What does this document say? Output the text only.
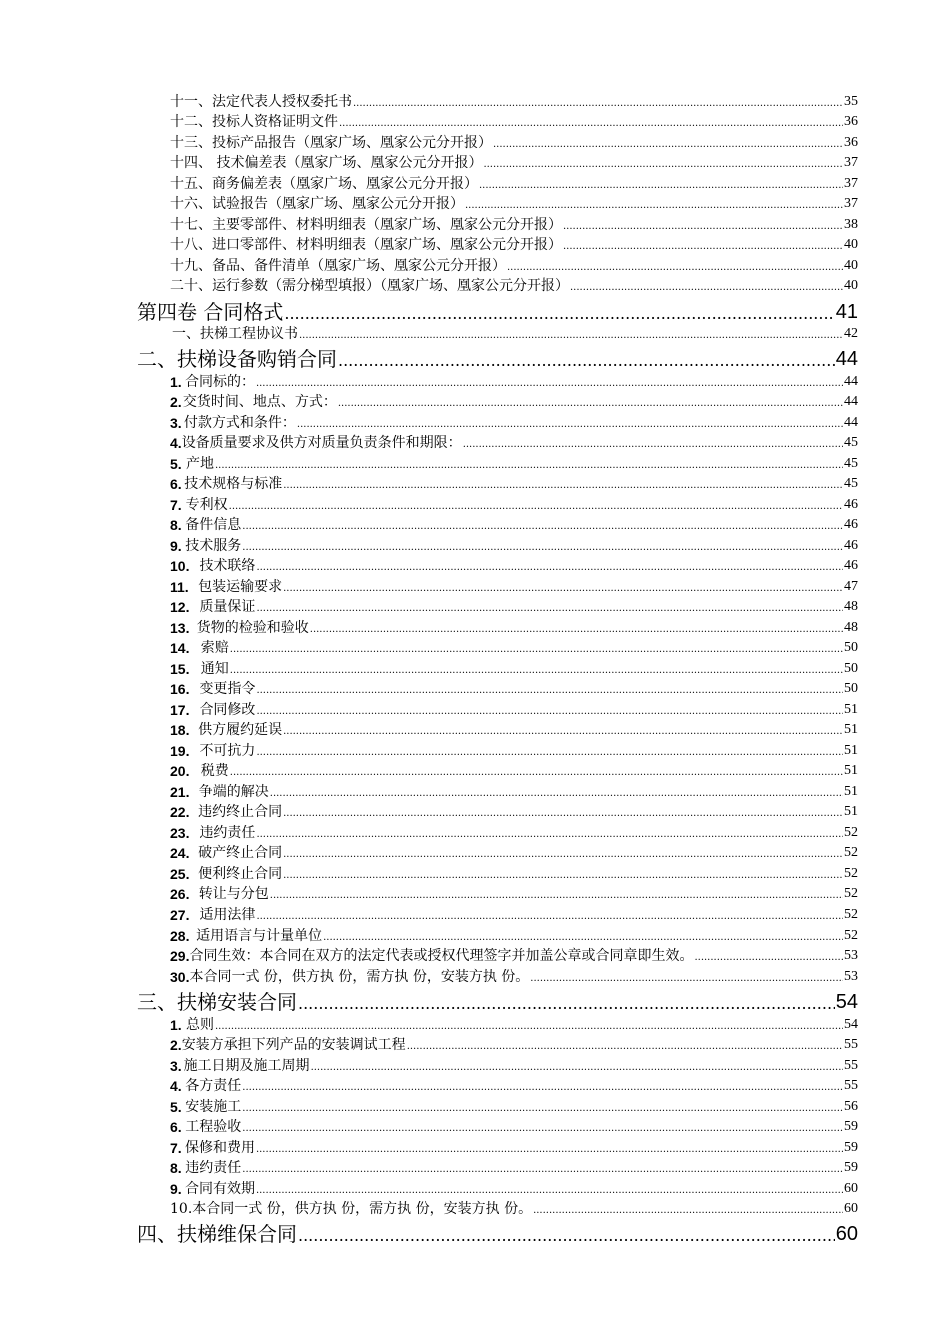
十一、法定代表人授权委托书 .....	35
十二、投标人资格证明文件 .....	36
十三、投标产品报告（凰家广场、凰家公元分开报） .....	36
十四、 技术偏差表（凰家广场、凰家公元分开报） .....	37
十五、商务偏差表（凰家广场、凰家公元分开报） .....	37
十六、试验报告（凰家广场、凰家公元分开报） .....	37
十七、主要零部件、材料明细表（凰家广场、凰家公元分开报） .....	38
十八、进口零部件、材料明细表（凰家广场、凰家公元分开报） .....	40
十九、备品、备件清单（凰家广场、凰家公元分开报） .....	40
二十、运行参数（需分梯型填报）（凰家广场、凰家公元分开报） .....	40
第四卷 合同格式 .....	41
一、扶梯工程协议书 .....	42
二、扶梯设备购销合同 .....	44
1. 合同标的： .....	44
2. 交货时间、地点、方式： .....	44
3. 付款方式和条件： .....	44
4. 设备质量要求及供方对质量负责条件和期限： .....	45
5. 产地 .....	45
6. 技术规格与标准 .....	45
7. 专利权 .....	46
8. 备件信息 .....	46
9. 技术服务 .....	46
10. 技术联络 .....	46
11. 包装运输要求 .....	47
12. 质量保证 .....	48
13. 货物的检验和验收 .....	48
14. 索赔 .....	50
15. 通知 .....	50
16. 变更指令 .....	50
17. 合同修改 .....	51
18. 供方履约延误 .....	51
19. 不可抗力 .....	51
20. 税费 .....	51
21. 争端的解决 .....	51
22. 违约终止合同 .....	51
23. 违约责任 .....	52
24. 破产终止合同 .....	52
25. 便利终止合同 .....	52
26. 转让与分包 .....	52
27. 适用法律 .....	52
28. 适用语言与计量单位 .....	52
29. 合同生效：本合同在双方的法定代表或授权代理签字并加盖公章或合同章即生效。 .....	53
30. 本合同一式 份，供方执 份，需方执 份，安装方执 份。 .....	53
三、扶梯安装合同 .....	54
1. 总则 .....	54
2. 安装方承担下列产品的安装调试工程 .....	55
3. 施工日期及施工周期 .....	55
4. 各方责任 .....	55
5. 安装施工 .....	56
6. 工程验收 .....	59
7. 保修和费用 .....	59
8. 违约责任 .....	59
9. 合同有效期 .....	60
10.本合同一式 份，供方执 份，需方执 份，安装方执 份。 .....	60
四、扶梯维保合同 .....	60
